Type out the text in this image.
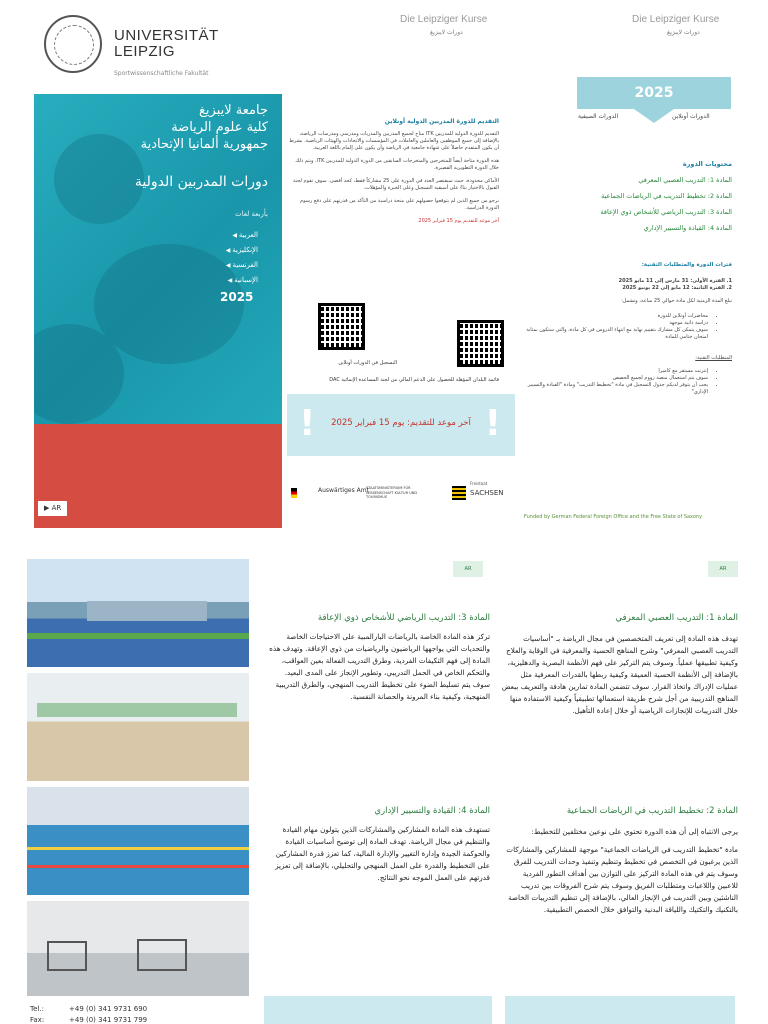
UNIVERSITÄT
LEIPZIG
Sportwissenschaftliche Fakultät
جامعة لايبزيغ
كلية علوم الرياضة
جمهورية ألمانيا الإتحادية
دورات المدربين الدولية
بأربعة لغات
العربية ◀
الإنكليزية ◀
الفرنسية ◀
الإسبانية ◀
2025
▶ AR
Die Leipziger Kurse
دورات لايبزيغ
Die Leipziger Kurse
دورات لايبزيغ
التقديم للدورة المدربين الدولية أونلاين

التقديم للدورة الدولية للمدربين ITK متاح لجميع المدربين والمدربات ومدرسي ومدرسات الرياضة، بالإضافة إلى جميع الموظفين والعاملين والعاملات في المؤسسات والاتحادات والهيئات الرياضية. بشرط أن يكون المتقدم حاصلاً على شهادة جامعية في الرياضة وأن يكون على إلمام باللغة العربية.

هذه الدورة متاحة أيضاً للمتخرجين والمتخرجات السابقين من الدورة الدولية للمدربين ITK. ويتم ذلك خلال الدورة التطويرية القصيرة.

الأماكن محدودة، حيث سيقتصر العدد في الدورة على 25 مشاركاً فقط، كحد أقصى. سوف تقوم لجنة القبول بالاختيار بناءً على أسبقية التسجيل وعلى الخبرة والمؤهلات.

نرجو من جميع الذين لم يتوقعوا حصولهم على منحة دراسية من التأكد من قدرتهم على دفع رسوم الدورة الدراسية.

آخر موعد للتقديم يوم 15 فبراير 2025

التسجيل في الدورات أونلاين
قائمة البلدان المؤهلة للحصول على الدعم المالي من لجنة المساعدة الإنمائية DAC
!	!
آخر موعد للتقديم: يوم 15 فبراير 2025
Auswärtiges Amt
STAATSMINISTERIUM FÜR WISSENSCHAFT KULTUR UND TOURISMUS
Freistaat
SACHSEN
2025
الدورات أونلاين
الدورات الصيفية
محتويات الدورة
المادة 1: التدريب العصبي المعرفي
المادة 2: تخطيط التدريب في الرياضات الجماعية
المادة 3: التدريب الرياضي للأشخاص ذوي الإعاقة
المادة 4: القيادة والتسيير الإداري
فترات الدورة والمتطلبات التقنية:
1. الفترة الأولى: 31 مارس إلى 11 مايو 2025
2. الفترة الثانية: 12 مايو إلى 22 يونيو 2025
تبلغ المدة الزمنية لكل مادة حوالي 25 ساعة، وتشمل:
• محاضرات أونلاين للدورة
• دراسة ذاتية موجهة
• سوف يتمكن كل مشارك بتقييم نهاية مع انتهاء الدروس في كل مادة، والتي ستكون بمثابة امتحان ختامي للمادة
المتطلبات التقنية:
• إنترنت مستقر مع كاميرا
• سوف يتم استعمال منصة زووم لجميع الحصص
• يجب أن يتوفر لديكم جدول التسجيل في مادة "تخطيط التدريب" ومادة "القيادة والتسيير الإداري"
Funded by German Federal Foreign Office and the Free State of Saxony
AR	AR
المادة 3: التدريب الرياضي للأشخاص ذوي الإعاقة

تركز هذه المادة الخاصة بالرياضات البارالمبية على الاحتياجات الخاصة والتحديات التي يواجهها الرياضيون والرياضيات من ذوي الإعاقة. وتهدف هذه المادة إلى فهم التكيفات الفردية، وطرق التدريب الفعالة بعين العواقب، والتحكم الخاص في الحمل التدريبي، وتطوير الإنجاز على المدى البعيد. سوف يتم تسليط الضوء على تخطيط التدريب المنهجي، والطرق التدريبية المنهجية، وكيفية بناء المرونة والحصانة النفسية.

المادة 4: القيادة والتسيير الإداري

تستهدف هذه المادة المشاركين والمشاركات الذين يتولون مهام القيادة والتنظيم في مجال الرياضة. تهدف المادة إلى توضيح أساسيات القيادة والحوكمة الجيدة وإدارة التغيير والإدارة المالية، كما تعزز قدرة المشاركين على التخطيط والقدرة على العمل المنهجي والتحليلي، بالإضافة إلى تعزيز قدرتهم على العمل الموجه نحو النتائج.

المادة 1: التدريب العصبي المعرفي

تهدف هذه المادة إلى تعريف المتخصصين في مجال الرياضة بـ "أساسيات التدريب العصبي المعرفي" وشرح المناهج الحسية والمعرفية في الوقاية والعلاج وكيفية تطبيقها عملياً. وسوف يتم التركيز على فهم الأنظمة البصرية والدهليزية، بالإضافة إلى الأنظمة الحسية العميقة وكيفية ربطها بالقدرات المعرفية مثل عمليات الإدراك واتخاذ القرار. سوف تتضمن المادة تمارين هادفة والتعريف ببعض المناهج التدريبية من أجل شرح طريقة استعمالها تطبيقياً وكيفية الاستفادة منها خلال التدريبات للإنجازات الرياضية أو خلال إعادة التأهيل.

المادة 2: تخطيط التدريب في الرياضات الجماعية

يرجى الانتباه إلى أن هذه الدورة تحتوي على نوعين مختلفين للتخطيط:

مادة "تخطيط التدريب في الرياضات الجماعية" موجهة للمشاركين والمشاركات الذين يرغبون في التخصص في تخطيط وتنظيم وتنفيذ وحدات التدريب للفرق وسوف يتم في هذه المادة التركيز على التوازن بين أهداف التطور الفردية للاعبين واللاعبات ومتطلبات الفريق وسوف يتم شرح الفروقات بين تدريب الناشئين وبين التدريب في الإنجاز العالي، بالإضافة إلى تنظيم التدريبات الخاصة بالتكنيك والتكتيك واللياقة البدنية والتوافق خلال الحصص التطبيقية.

Tel.:	+49 (0) 341 9731 690
Fax:	+49 (0) 341 9731 799
